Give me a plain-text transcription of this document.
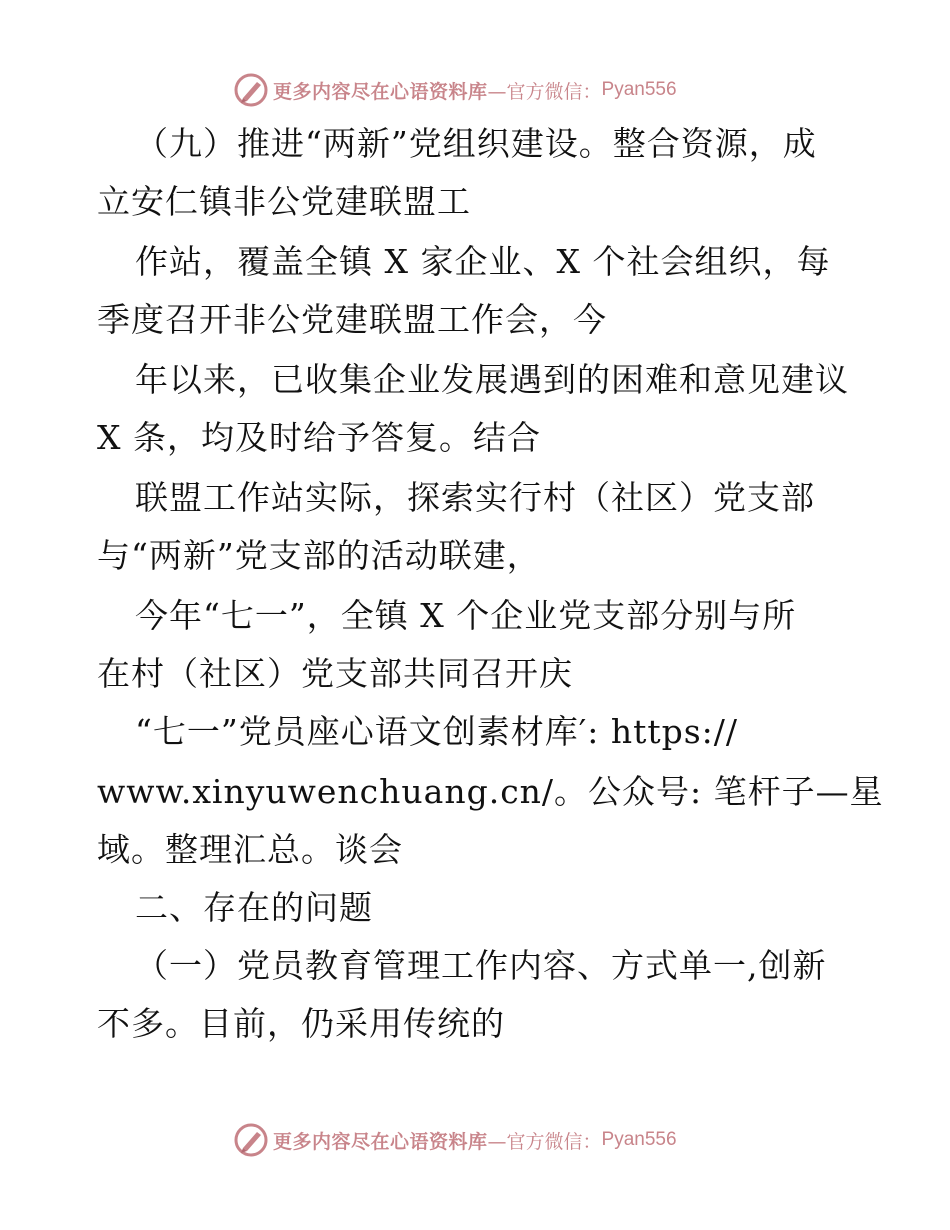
更多内容尽在心语资料库 —官方微信： Pyan556
（九）推进“两新”党组织建设。整合资源，成
立安仁镇非公党建联盟工
作站，覆盖全镇 X 家企业、X 个社会组织，每
季度召开非公党建联盟工作会，今
年以来，已收集企业发展遇到的困难和意见建议
X 条，均及时给予答复。结合
联盟工作站实际，探索实行村（社区）党支部
与“两新”党支部的活动联建，
今年“七一”，全镇 X 个企业党支部分别与所
在村（社区）党支部共同召开庆
“七一”党员座心语文创素材库′: https://
www.xinyuwenchuang.cn/。公众号: 笔杆子—星
域。整理汇总。谈会
二、存在的问题
（一）党员教育管理工作内容、方式单一,创新
不多。目前，仍采用传统的
更多内容尽在心语资料库 —官方微信： Pyan556
